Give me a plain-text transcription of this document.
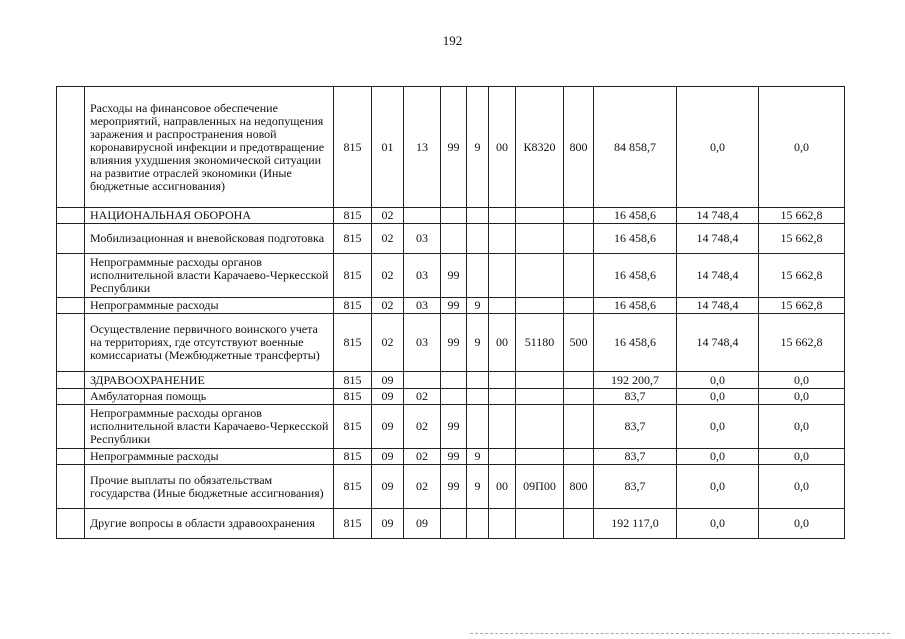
192
	Расходы на финансовое обеспечение мероприятий, направленных на недопущения заражения и распространения новой коронавирусной инфекции и предотвращение влияния ухудшения экономической ситуации на развитие отраслей экономики (Иные бюджетные ассигнования)	815	01	13	99	9	00	К8320	800	84 858,7	0,0	0,0
	НАЦИОНАЛЬНАЯ ОБОРОНА	815	02							16 458,6	14 748,4	15 662,8
	Мобилизационная и вневойсковая подготовка	815	02	03						16 458,6	14 748,4	15 662,8
	Непрограммные расходы органов исполнительной власти Карачаево-Черкесской Республики	815	02	03	99					16 458,6	14 748,4	15 662,8
	Непрограммные расходы	815	02	03	99	9				16 458,6	14 748,4	15 662,8
	Осуществление первичного воинского учета на территориях, где отсутствуют военные комиссариаты (Межбюджетные трансферты)	815	02	03	99	9	00	51180	500	16 458,6	14 748,4	15 662,8
	ЗДРАВООХРАНЕНИЕ	815	09							192 200,7	0,0	0,0
	Амбулаторная помощь	815	09	02						83,7	0,0	0,0
	Непрограммные расходы органов исполнительной власти Карачаево-Черкесской Республики	815	09	02	99					83,7	0,0	0,0
	Непрограммные расходы	815	09	02	99	9				83,7	0,0	0,0
	Прочие выплаты по обязательствам государства (Иные бюджетные ассигнования)	815	09	02	99	9	00	09П00	800	83,7	0,0	0,0
	Другие вопросы в области здравоохранения	815	09	09						192 117,0	0,0	0,0
